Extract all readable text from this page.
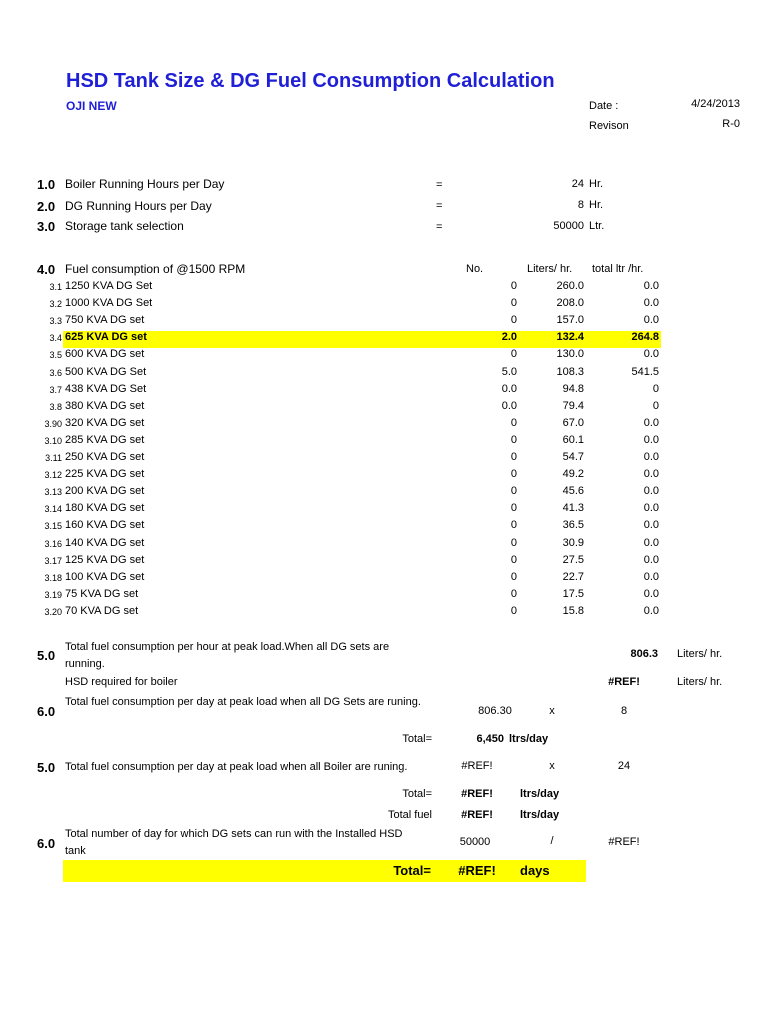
HSD Tank Size & DG Fuel Consumption Calculation
OJI NEW	Date :	4/24/2013
Revison	R-0
1.0 Boiler Running Hours per Day	=	24 Hr.
2.0 DG Running Hours per Day	=	8 Hr.
3.0 Storage tank selection	=	50000 Ltr.
4.0 Fuel consumption of @1500 RPM	No.	Liters/ hr. total ltr /hr.
3.1 1250 KVA DG Set	0	260.0	0.0
3.2 1000 KVA DG Set	0	208.0	0.0
3.3 750 KVA DG set	0	157.0	0.0
3.4 625 KVA DG set	2.0	132.4	264.8
3.5 600 KVA DG set	0	130.0	0.0
3.6 500 KVA DG Set	5.0	108.3	541.5
3.7 438 KVA DG Set	0.0	94.8	0
3.8 380 KVA DG set	0.0	79.4	0
3.90 320 KVA DG set	0	67.0	0.0
3.10 285 KVA DG set	0	60.1	0.0
3.11 250 KVA DG set	0	54.7	0.0
3.12 225 KVA DG set	0	49.2	0.0
3.13 200 KVA DG set	0	45.6	0.0
3.14 180 KVA DG set	0	41.3	0.0
3.15 160 KVA DG set	0	36.5	0.0
3.16 140 KVA DG set	0	30.9	0.0
3.17 125 KVA DG set	0	27.5	0.0
3.18 100 KVA DG set	0	22.7	0.0
3.19 75 KVA DG set	0	17.5	0.0
3.20 70 KVA DG set	0	15.8	0.0
5.0
Total fuel consumption per hour at peak load.When all DG sets are running.
806.3 Liters/ hr.
HSD required for boiler	#REF!	Liters/ hr.
6.0
Total fuel consumption per day at peak load when all DG Sets are runing.
806.30	x	8
Total=	6,450 ltrs/day
5.0 Total fuel consumption per day at peak load when all Boiler are runing.	#REF!	x	24
Total=	#REF!	ltrs/day
Total fuel	#REF!	ltrs/day
6.0
Total number of day for which DG sets can run with the Installed HSD tank
50000	/	#REF!
Total=	#REF!	days
